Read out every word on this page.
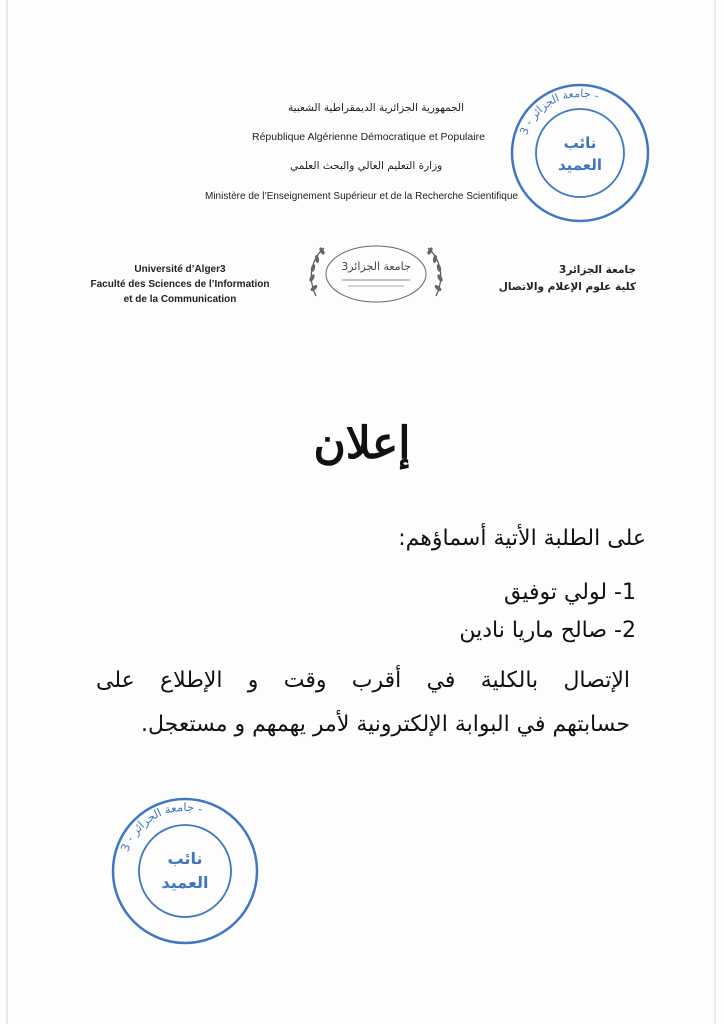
الجمهورية الجزائرية الديمقراطية الشعبية
République Algérienne Démocratique et Populaire
وزارة التعليم العالي والبحث العلمي
Ministère de l’Enseignement Supérieur et de la Recherche Scientifique
Université d’Alger3
Faculté des Sciences de l’Information
et de la Communication
جامعة الجزائر3
كلية علوم الإعلام والاتصال
جامعة الجزائر3
إعلان
على الطلبة الأتية أسماؤهم:
1- لولي توفيق
2- صالح ماريا نادين
الإتصال بالكلية في أقرب وقت و الإطلاع على
حسابتهم في البوابة الإلكترونية لأمر يهمهم و مستعجل.
جامعة الجزائر - 3 -
نائب
العميد
جامعة الجزائر - 3 -
نائب
العميد
